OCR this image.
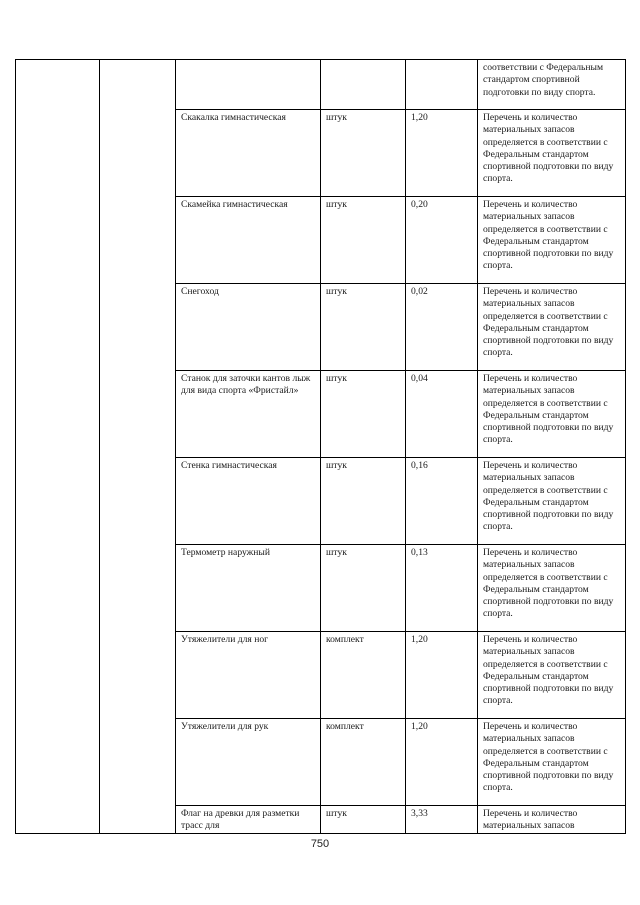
					соответствии с Федеральным стандартом спортивной подготовки по виду спорта.
		Скакалка гимнастическая	штук	1,20	Перечень и количество материальных запасов определяется в соответствии с Федеральным стандартом спортивной подготовки по виду спорта.
		Скамейка гимнастическая	штук	0,20	Перечень и количество материальных запасов определяется в соответствии с Федеральным стандартом спортивной подготовки по виду спорта.
		Снегоход	штук	0,02	Перечень и количество материальных запасов определяется в соответствии с Федеральным стандартом спортивной подготовки по виду спорта.
		Станок для заточки кантов лыж для вида спорта «Фристайл»	штук	0,04	Перечень и количество материальных запасов определяется в соответствии с Федеральным стандартом спортивной подготовки по виду спорта.
		Стенка гимнастическая	штук	0,16	Перечень и количество материальных запасов определяется в соответствии с Федеральным стандартом спортивной подготовки по виду спорта.
		Термометр наружный	штук	0,13	Перечень и количество материальных запасов определяется в соответствии с Федеральным стандартом спортивной подготовки по виду спорта.
		Утяжелители для ног	комплект	1,20	Перечень и количество материальных запасов определяется в соответствии с Федеральным стандартом спортивной подготовки по виду спорта.
		Утяжелители для рук	комплект	1,20	Перечень и количество материальных запасов определяется в соответствии с Федеральным стандартом спортивной подготовки по виду спорта.
		Флаг на древки для разметки трасс для	штук	3,33	Перечень и количество материальных запасов
750
